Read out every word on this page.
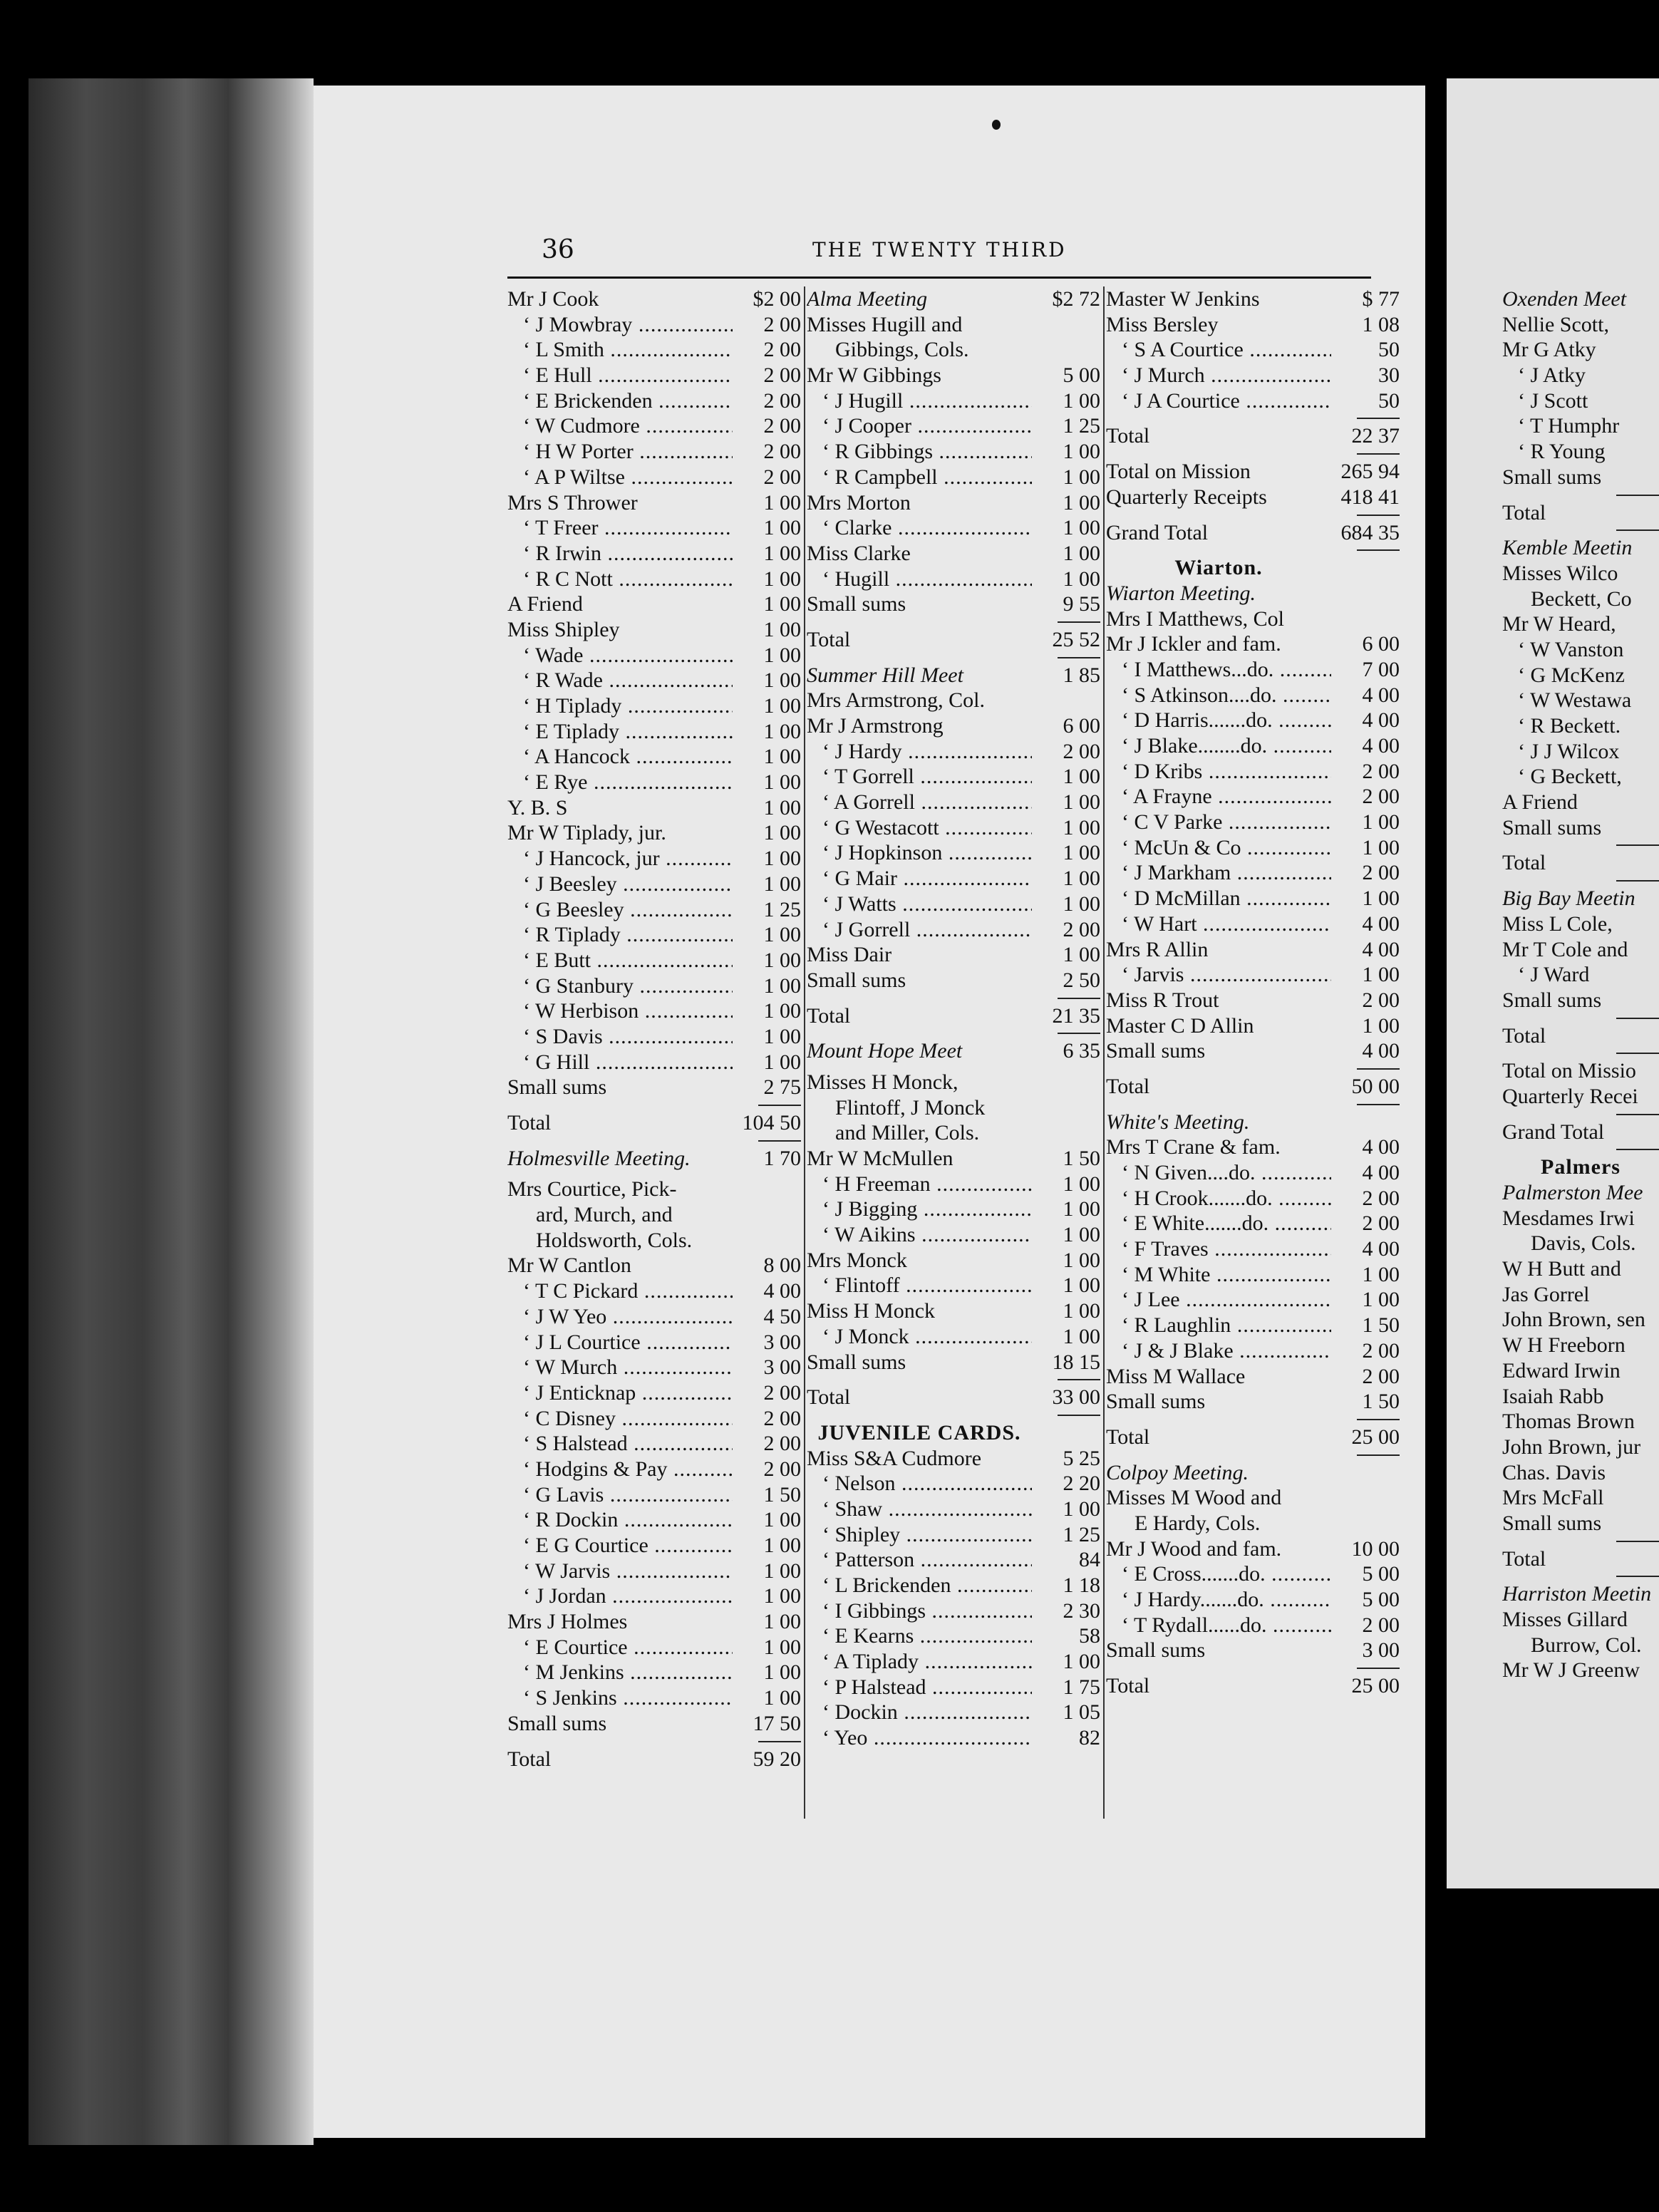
36	THE TWENTY THIRD
Mr J Cook	$2 00
‘ J Mowbray .....	2 00
‘ L Smith .....	2 00
‘ E Hull .....	2 00
‘ E Brickenden .....	2 00
‘ W Cudmore .....	2 00
‘ H W Porter .....	2 00
‘ A P Wiltse .....	2 00
Mrs S Thrower	1 00
‘ T Freer .....	1 00
‘ R Irwin .....	1 00
‘ R C Nott .....	1 00
A Friend	1 00
Miss Shipley	1 00
‘ Wade .....	1 00
‘ R Wade .....	1 00
‘ H Tiplady .....	1 00
‘ E Tiplady .....	1 00
‘ A Hancock .....	1 00
‘ E Rye .....	1 00
Y. B. S	1 00
Mr W Tiplady, jur.	1 00
‘ J Hancock, jur .....	1 00
‘ J Beesley .....	1 00
‘ G Beesley .....	1 25
‘ R Tiplady .....	1 00
‘ E Butt .....	1 00
‘ G Stanbury .....	1 00
‘ W Herbison .....	1 00
‘ S Davis .....	1 00
‘ G Hill .....	1 00
Small sums	2 75
Total	104 50
Holmesville Meeting.	1 70
Mrs Courtice, Pick-
ard, Murch, and
Holdsworth, Cols.
Mr W Cantlon	8 00
‘ T C Pickard .....	4 00
‘ J W Yeo .....	4 50
‘ J L Courtice .....	3 00
‘ W Murch .....	3 00
‘ J Enticknap .....	2 00
‘ C Disney .....	2 00
‘ S Halstead .....	2 00
‘ Hodgins & Pay .....	2 00
‘ G Lavis .....	1 50
‘ R Dockin .....	1 00
‘ E G Courtice .....	1 00
‘ W Jarvis .....	1 00
‘ J Jordan .....	1 00
Mrs J Holmes	1 00
‘ E Courtice .....	1 00
‘ M Jenkins .....	1 00
‘ S Jenkins .....	1 00
Small sums	17 50
Total	59 20
Alma Meeting	$2 72
Misses Hugill and
Gibbings, Cols.
Mr W Gibbings	5 00
‘ J Hugill .....	1 00
‘ J Cooper .....	1 25
‘ R Gibbings .....	1 00
‘ R Campbell .....	1 00
Mrs Morton	1 00
‘ Clarke .....	1 00
Miss Clarke	1 00
‘ Hugill .....	1 00
Small sums	9 55
Total	25 52
Summer Hill Meet	1 85
Mrs Armstrong, Col.
Mr J Armstrong	6 00
‘ J Hardy .....	2 00
‘ T Gorrell .....	1 00
‘ A Gorrell .....	1 00
‘ G Westacott .....	1 00
‘ J Hopkinson .....	1 00
‘ G Mair .....	1 00
‘ J Watts .....	1 00
‘ J Gorrell .....	2 00
Miss Dair	1 00
Small sums	2 50
Total	21 35
Mount Hope Meet	6 35
Misses H Monck,
Flintoff, J Monck
and Miller, Cols.
Mr W McMullen	1 50
‘ H Freeman .....	1 00
‘ J Bigging .....	1 00
‘ W Aikins .....	1 00
Mrs Monck	1 00
‘ Flintoff .....	1 00
Miss H Monck	1 00
‘ J Monck .....	1 00
Small sums	18 15
Total	33 00
JUVENILE CARDS.
Miss S&A Cudmore	5 25
‘ Nelson .....	2 20
‘ Shaw .....	1 00
‘ Shipley .....	1 25
‘ Patterson .....	84
‘ L Brickenden .....	1 18
‘ I Gibbings .....	2 30
‘ E Kearns .....	58
‘ A Tiplady .....	1 00
‘ P Halstead .....	1 75
‘ Dockin .....	1 05
‘ Yeo .....	82
Master W Jenkins	$ 77
Miss Bersley	1 08
‘ S A Courtice .....	50
‘ J Murch .....	30
‘ J A Courtice .....	50
Total	22 37
Total on Mission	265 94
Quarterly Receipts	418 41
Grand Total	684 35
Wiarton.
Wiarton Meeting.
Mrs I Matthews, Col
Mr J Ickler and fam.	6 00
‘ I Matthews...do. .....	7 00
‘ S Atkinson....do. .....	4 00
‘ D Harris.......do. .....	4 00
‘ J Blake........do. .....	4 00
‘ D Kribs .....	2 00
‘ A Frayne .....	2 00
‘ C V Parke .....	1 00
‘ McUn & Co .....	1 00
‘ J Markham .....	2 00
‘ D McMillan .....	1 00
‘ W Hart .....	4 00
Mrs R Allin	4 00
‘ Jarvis .....	1 00
Miss R Trout	2 00
Master C D Allin	1 00
Small sums	4 00
Total	50 00
White's Meeting.
Mrs T Crane & fam.	4 00
‘ N Given....do. .....	4 00
‘ H Crook.......do. .....	2 00
‘ E White.......do. .....	2 00
‘ F Traves .....	4 00
‘ M White .....	1 00
‘ J Lee .....	1 00
‘ R Laughlin .....	1 50
‘ J & J Blake .....	2 00
Miss M Wallace	2 00
Small sums	1 50
Total	25 00
Colpoy Meeting.
Misses M Wood and
E Hardy, Cols.
Mr J Wood and fam.	10 00
‘ E Cross.......do. .....	5 00
‘ J Hardy.......do. .....	5 00
‘ T Rydall......do. .....	2 00
Small sums	3 00
Total	25 00
Oxenden Meet
Nellie Scott,
Mr G Atky
‘ J Atky
‘ J Scott
‘ T Humphr
‘ R Young
Small sums
Total
Kemble Meetin
Misses Wilco
Beckett, Co
Mr W Heard,
‘ W Vanston
‘ G McKenz
‘ W Westawa
‘ R Beckett.
‘ J J Wilcox
‘ G Beckett,
A Friend
Small sums
Total
Big Bay Meetin
Miss L Cole,
Mr T Cole and
‘ J Ward
Small sums
Total
Total on Missio
Quarterly Recei
Grand Total
Palmers
Palmerston Mee
Mesdames Irwi
Davis, Cols.
W H Butt and
Jas Gorrel
John Brown, sen
W H Freeborn
Edward Irwin
Isaiah Rabb
Thomas Brown
John Brown, jur
Chas. Davis
Mrs McFall
Small sums
Total
Harriston Meetin
Misses Gillard
Burrow, Col.
Mr W J Greenw
